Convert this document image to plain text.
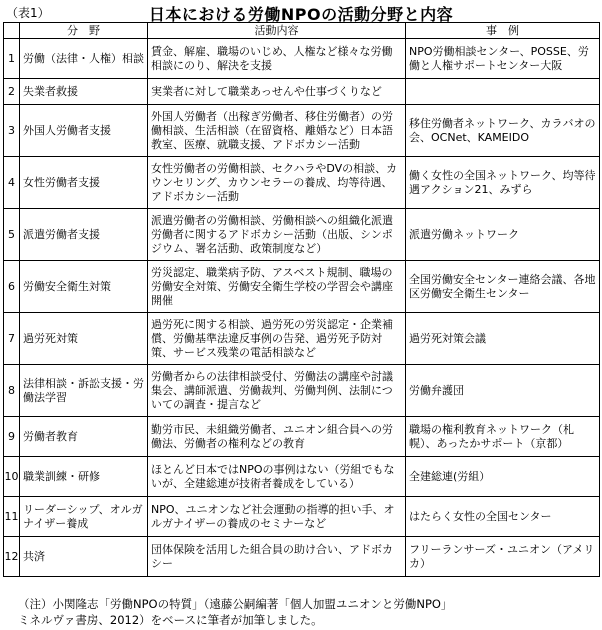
（表1）	日本における労働NPOの活動分野と内容
	分　野	活動内容	事　例
1	労働（法律・人権）相談	賃金、解雇、職場のいじめ、人権など様々な労働相談にのり、解決を支援	NPO労働相談センター、POSSE、労働と人権サポートセンター大阪
2	失業者救援	実業者に対して職業あっせんや仕事づくりなど	
3	外国人労働者支援	外国人労働者（出稼ぎ労働者、移住労働者）の労働相談、生活相談（在留資格、離婚など）日本語教室、医療、就職支援、アドボカシー活動	移住労働者ネットワーク、カラバオの会、OCNet、KAMEIDO
4	女性労働者支援	女性労働者の労働相談、セクハラやDVの相談、カウンセリング、カウンセラーの養成、均等待遇、アドボカシー活動	働く女性の全国ネットワーク、均等待遇アクション21、みずら
5	派遣労働者支援	派遣労働者の労働相談、労働相談への組織化派遣労働者に関するアドボカシー活動（出版、シンポジウム、署名活動、政策制度など）	派遣労働ネットワーク
6	労働安全衛生対策	労災認定、職業病予防、アスベスト規制、職場の労働安全対策、労働安全衛生学校の学習会や講座開催	全国労働安全センター連絡会議、各地区労働安全衛生センター
7	過労死対策	過労死に関する相談、過労死の労災認定・企業補償、労働基準法違反事例の告発、過労死予防対策、サービス残業の電話相談など	過労死対策会議
8	法律相談・訴訟支援・労働法学習	労働者からの法律相談受付、労働法の講座や討議集会、講師派遣、労働裁判、労働判例、法制についての調査・提言など	労働弁護団
9	労働者教育	勤労市民、未組織労働者、ユニオン組合員への労働法、労働者の権利などの教育	職場の権利教育ネットワーク（札幌）、あったかサポート（京都）
10	職業訓練・研修	ほとんど日本ではNPOの事例はない（労組でもないが、全建総連が技術者養成をしている）	全建総連(労組）
11	リーダーシップ、オルガナイザー養成	NPO、ユニオンなど社会運動の指導的担い手、オルガナイザーの養成のセミナーなど	はたらく女性の全国センター
12	共済	団体保険を活用した組合員の助け合い、アドボカシー	フリーランサーズ・ユニオン（アメリカ）
（注）小関隆志「労働NPOの特質」（遠藤公嗣編著「個人加盟ユニオンと労働NPO」
ミネルヴァ書房、2012）をベースに筆者が加筆しました。
